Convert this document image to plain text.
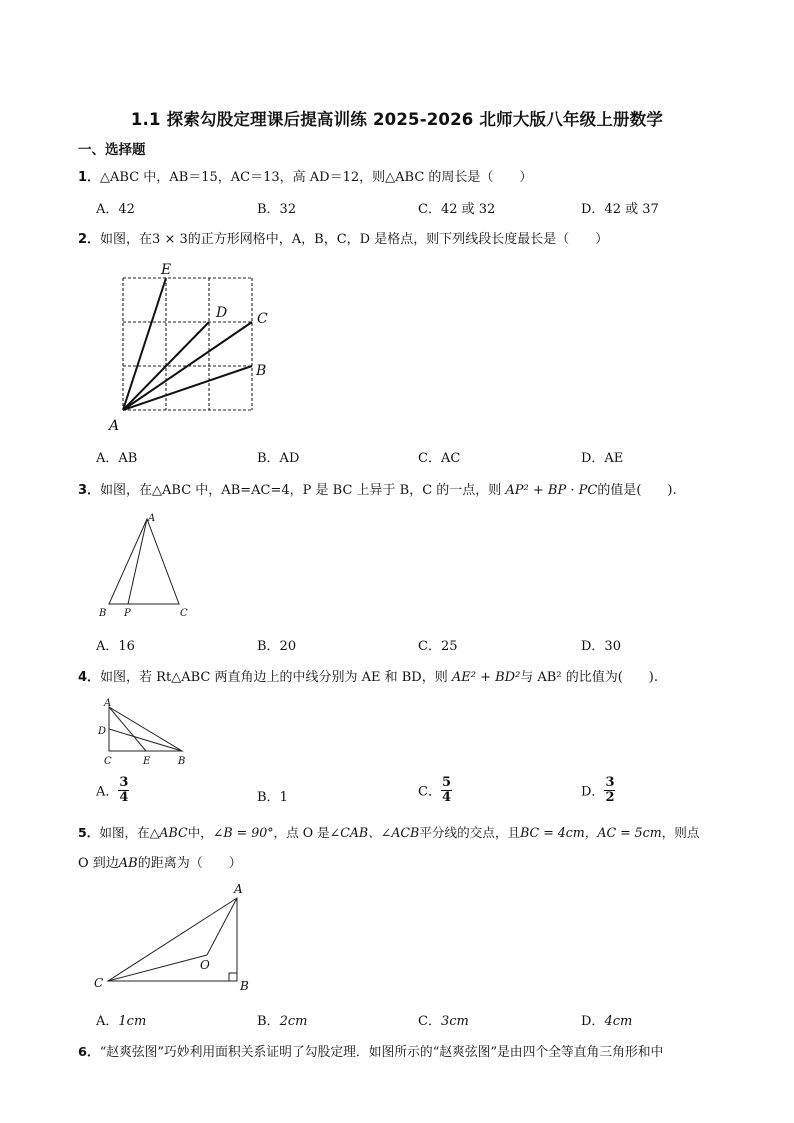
1.1 探索勾股定理课后提高训练 2025-2026 北师大版八年级上册数学
一、选择题
1．△ABC 中，AB＝15，AC＝13，高 AD＝12，则△ABC 的周长是（　　）
A．42	B．32	C．42 或 32	D．42 或 37
2．如图，在3 × 3的正方形网格中，A，B，C，D 是格点，则下列线段长度最长是（　　）
E
D C
B
A
A
B P	C
A
D
C	E	B
A
O
C	B
A．AB	B．AD	C．AC	D．AE
3．如图，在△ABC 中，AB=AC=4，P 是 BC 上异于 B，C 的一点，则 AP² + BP · PC的值是(　　).
A．16	B．20	C．25	D．30
4．如图，若 Rt△ABC 两直角边上的中线分别为 AE 和 BD，则 AE² + BD²与 AB² 的比值为(　　).
A． $\frac{3}{4}$	B．1	C． $\frac{5}{4}$	D． $\frac{3}{2}$
5．如图，在△ABC中，∠B = 90°，点 O 是∠CAB、∠ACB平分线的交点，且BC = 4cm，AC = 5cm，则点
O 到边AB的距离为（　　）
A．1cm	B．2cm	C．3cm	D．4cm
6．“赵爽弦图”巧妙利用面积关系证明了勾股定理．如图所示的“赵爽弦图”是由四个全等直角三角形和中
